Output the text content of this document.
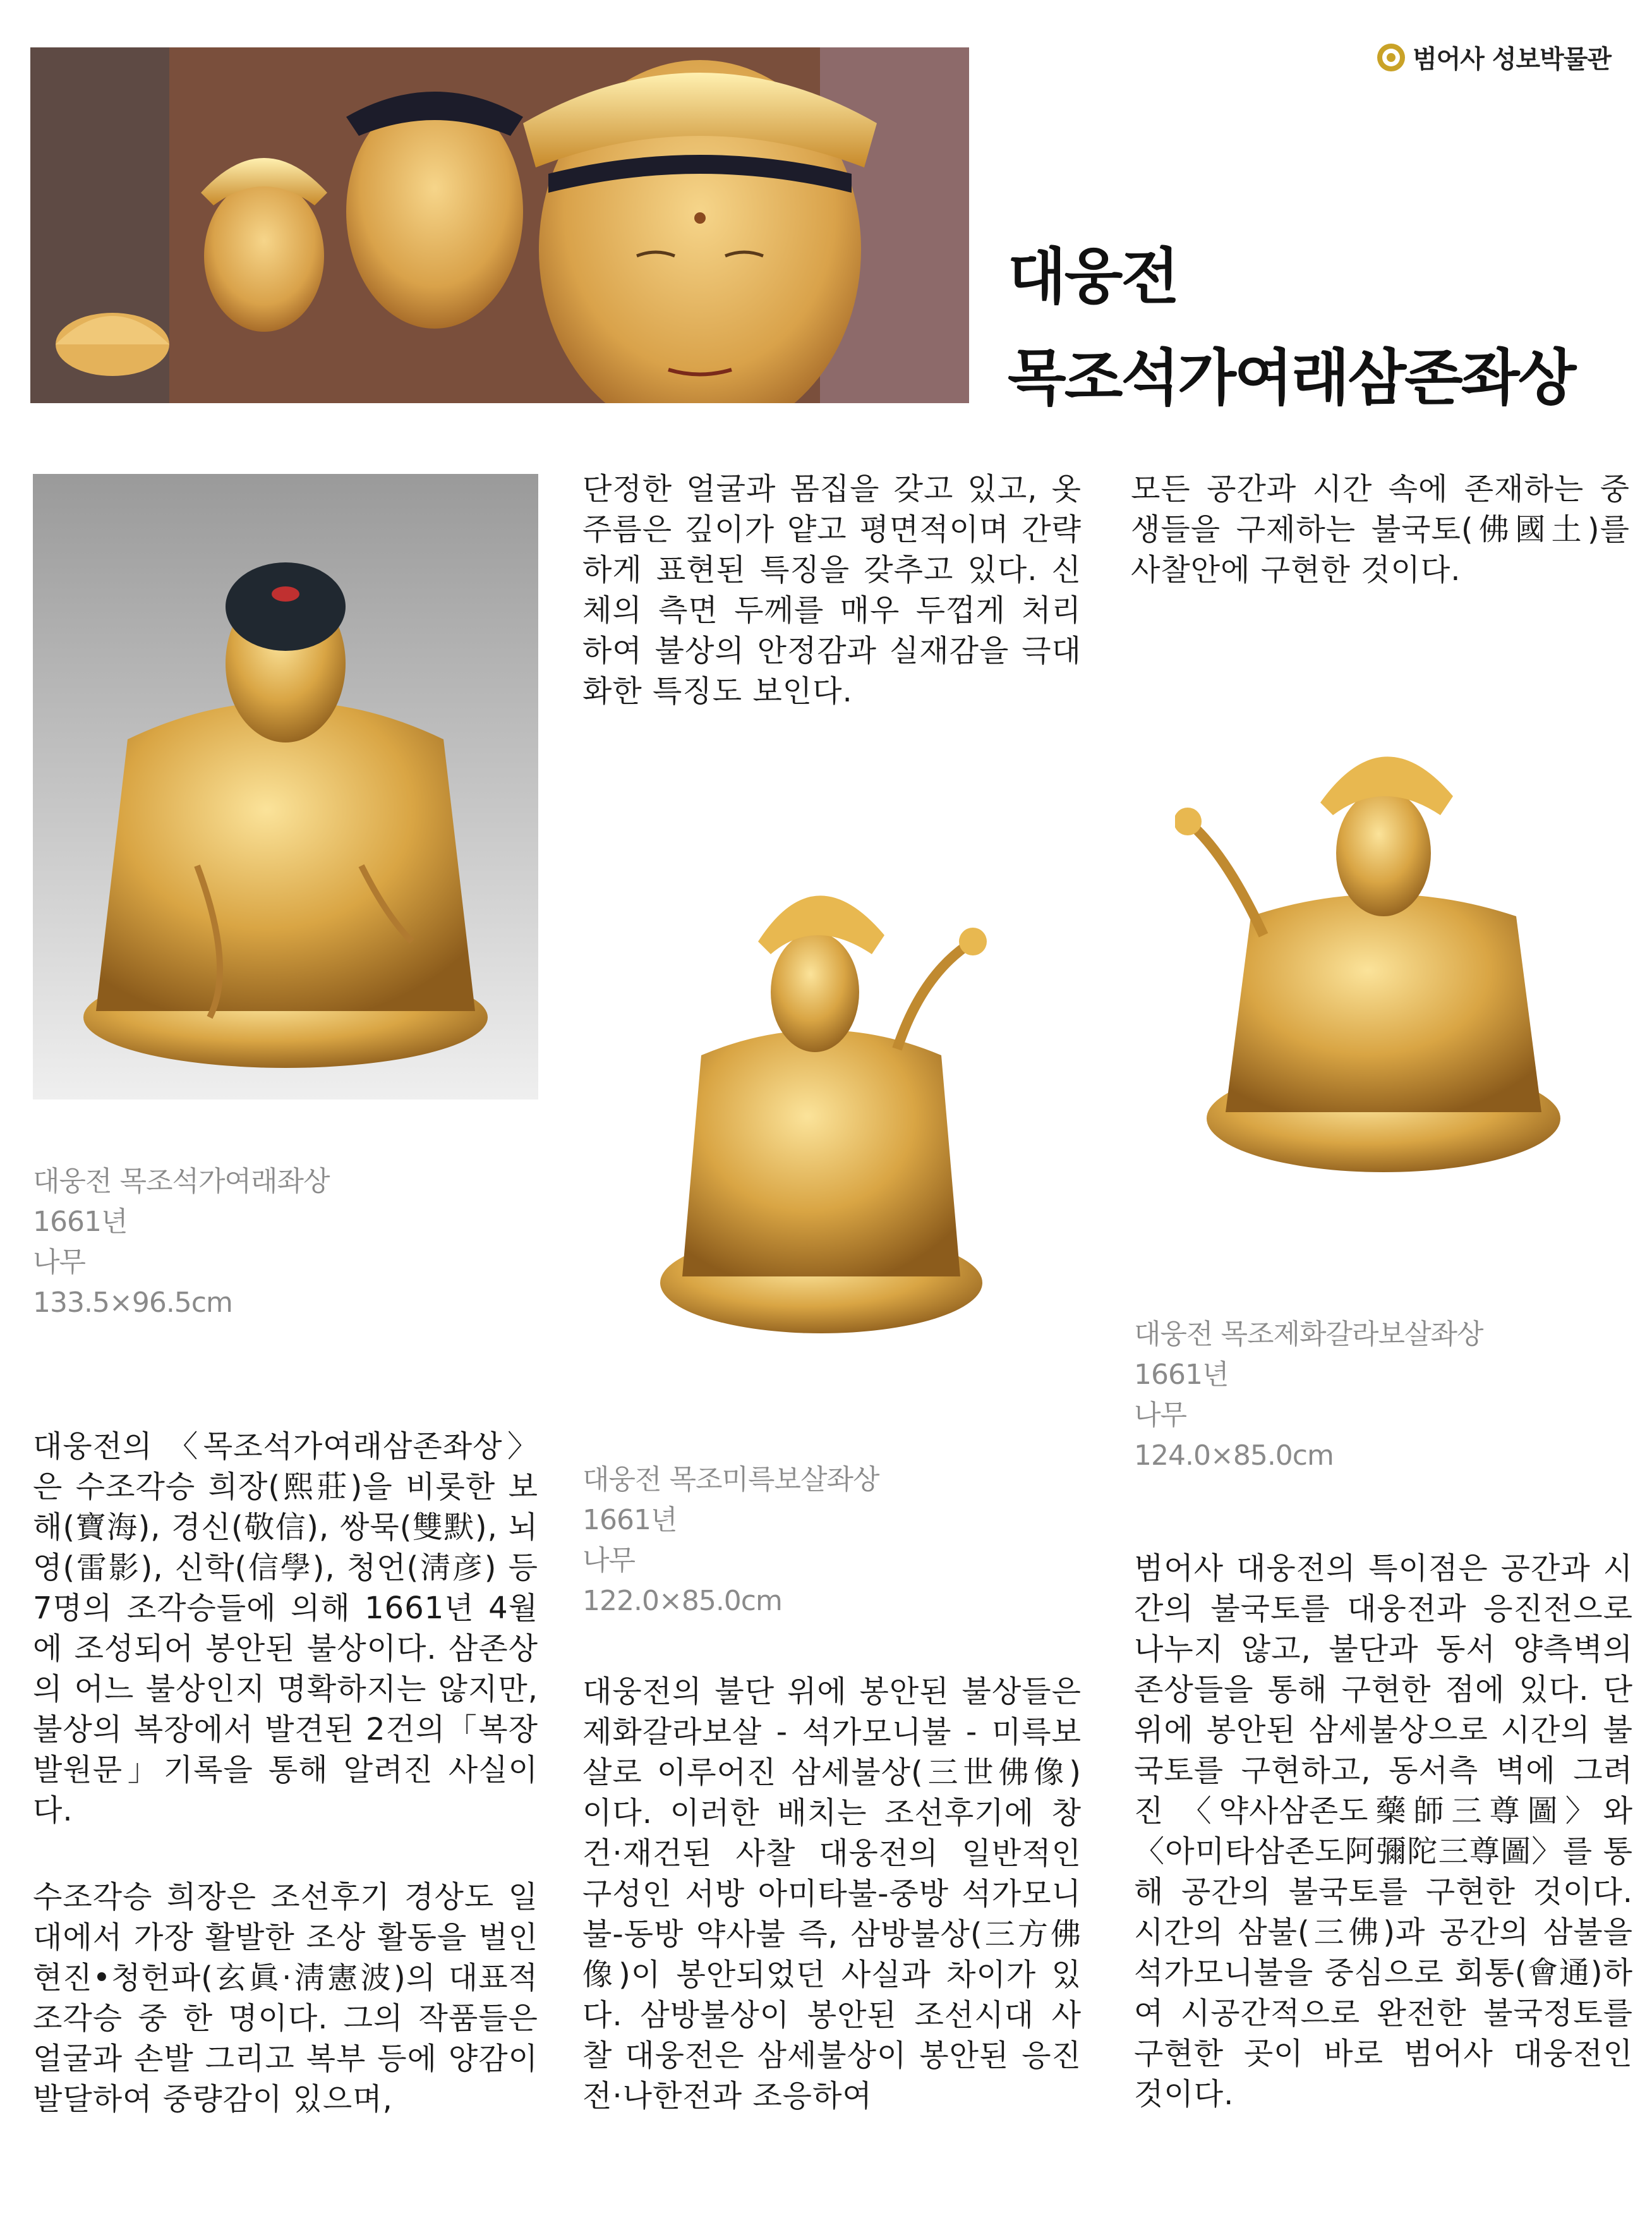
범어사 성보박물관
대웅전
목조석가여래삼존좌상
대웅전 목조석가여래좌상
1661년
나무
133.5×96.5cm
대웅전 목조미륵보살좌상
1661년
나무
122.0×85.0cm
대웅전 목조제화갈라보살좌상
1661년
나무
124.0×85.0cm
단정한 얼굴과 몸집을 갖고 있고, 옷 주름은 깊이가 얕고 평면적이며 간략하게 표현된 특징을 갖추고 있다. 신체의 측면 두께를 매우 두껍게 처리하여 불상의 안정감과 실재감을 극대화한 특징도 보인다.
모든 공간과 시간 속에 존재하는 중생들을 구제하는 불국토(佛國土)를 사찰안에 구현한 것이다.
대웅전의 〈목조석가여래삼존좌상〉은 수조각승 희장(熙莊)을 비롯한 보해(寶海), 경신(敬信), 쌍묵(雙默), 뇌영(雷影), 신학(信學), 청언(淸彦) 등 7명의 조각승들에 의해 1661년 4월에 조성되어 봉안된 불상이다. 삼존상의 어느 불상인지 명확하지는 않지만, 불상의 복장에서 발견된 2건의「복장발원문」기록을 통해 알려진 사실이다.
수조각승 희장은 조선후기 경상도 일대에서 가장 활발한 조상 활동을 벌인 현진•청헌파(玄眞·淸憲波)의 대표적 조각승 중 한 명이다. 그의 작품들은 얼굴과 손발 그리고 복부 등에 양감이 발달하여 중량감이 있으며,
대웅전의 불단 위에 봉안된 불상들은 제화갈라보살 - 석가모니불 - 미륵보살로 이루어진 삼세불상(三世佛像) 이다. 이러한 배치는 조선후기에 창건·재건된 사찰 대웅전의 일반적인 구성인 서방 아미타불-중방 석가모니불-동방 약사불 즉, 삼방불상(三方佛像)이 봉안되었던 사실과 차이가 있다. 삼방불상이 봉안된 조선시대 사찰 대웅전은 삼세불상이 봉안된 응진전·나한전과 조응하여
범어사 대웅전의 특이점은 공간과 시간의 불국토를 대웅전과 응진전으로 나누지 않고, 불단과 동서 양측벽의 존상들을 통해 구현한 점에 있다. 단 위에 봉안된 삼세불상으로 시간의 불국토를 구현하고, 동서측 벽에 그려진 〈약사삼존도藥師三尊圖〉와 〈아미타삼존도阿彌陀三尊圖〉를 통해 공간의 불국토를 구현한 것이다. 시간의 삼불(三佛)과 공간의 삼불을 석가모니불을 중심으로 회통(會通)하여 시공간적으로 완전한 불국정토를 구현한 곳이 바로 범어사 대웅전인 것이다.
